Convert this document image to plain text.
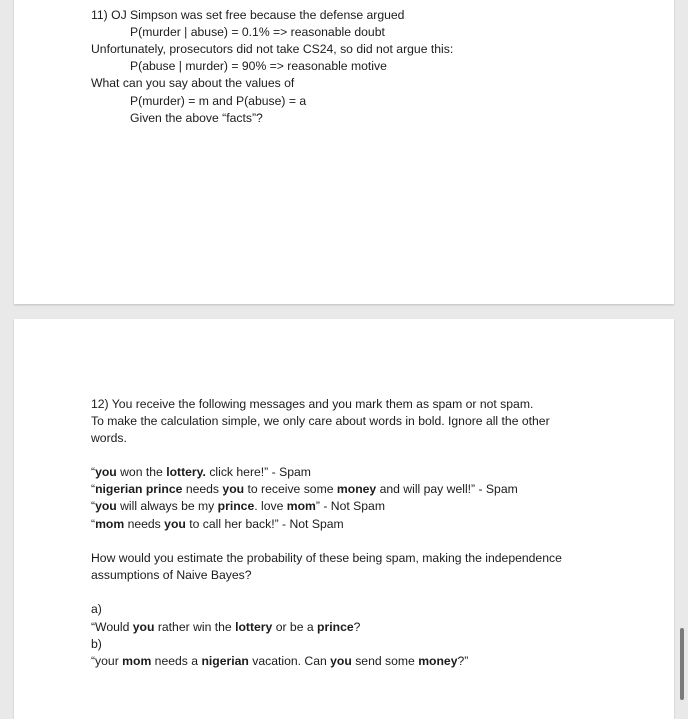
11) OJ Simpson was set free because the defense argued
P(murder | abuse) = 0.1% => reasonable doubt
Unfortunately, prosecutors did not take CS24, so did not argue this:
P(abuse | murder) = 90% => reasonable motive
What can you say about the values of
P(murder) = m and P(abuse) = a
Given the above “facts”?
12) You receive the following messages and you mark them as spam or not spam.
To make the calculation simple, we only care about words in bold. Ignore all the other
words.
“you won the lottery. click here!” - Spam
“nigerian prince needs you to receive some money and will pay well!” - Spam
“you will always be my prince. love mom” - Not Spam
“mom needs you to call her back!” - Not Spam
How would you estimate the probability of these being spam, making the independence
assumptions of Naive Bayes?
a)
“Would you rather win the lottery or be a prince?
b)
“your mom needs a nigerian vacation. Can you send some money?”
